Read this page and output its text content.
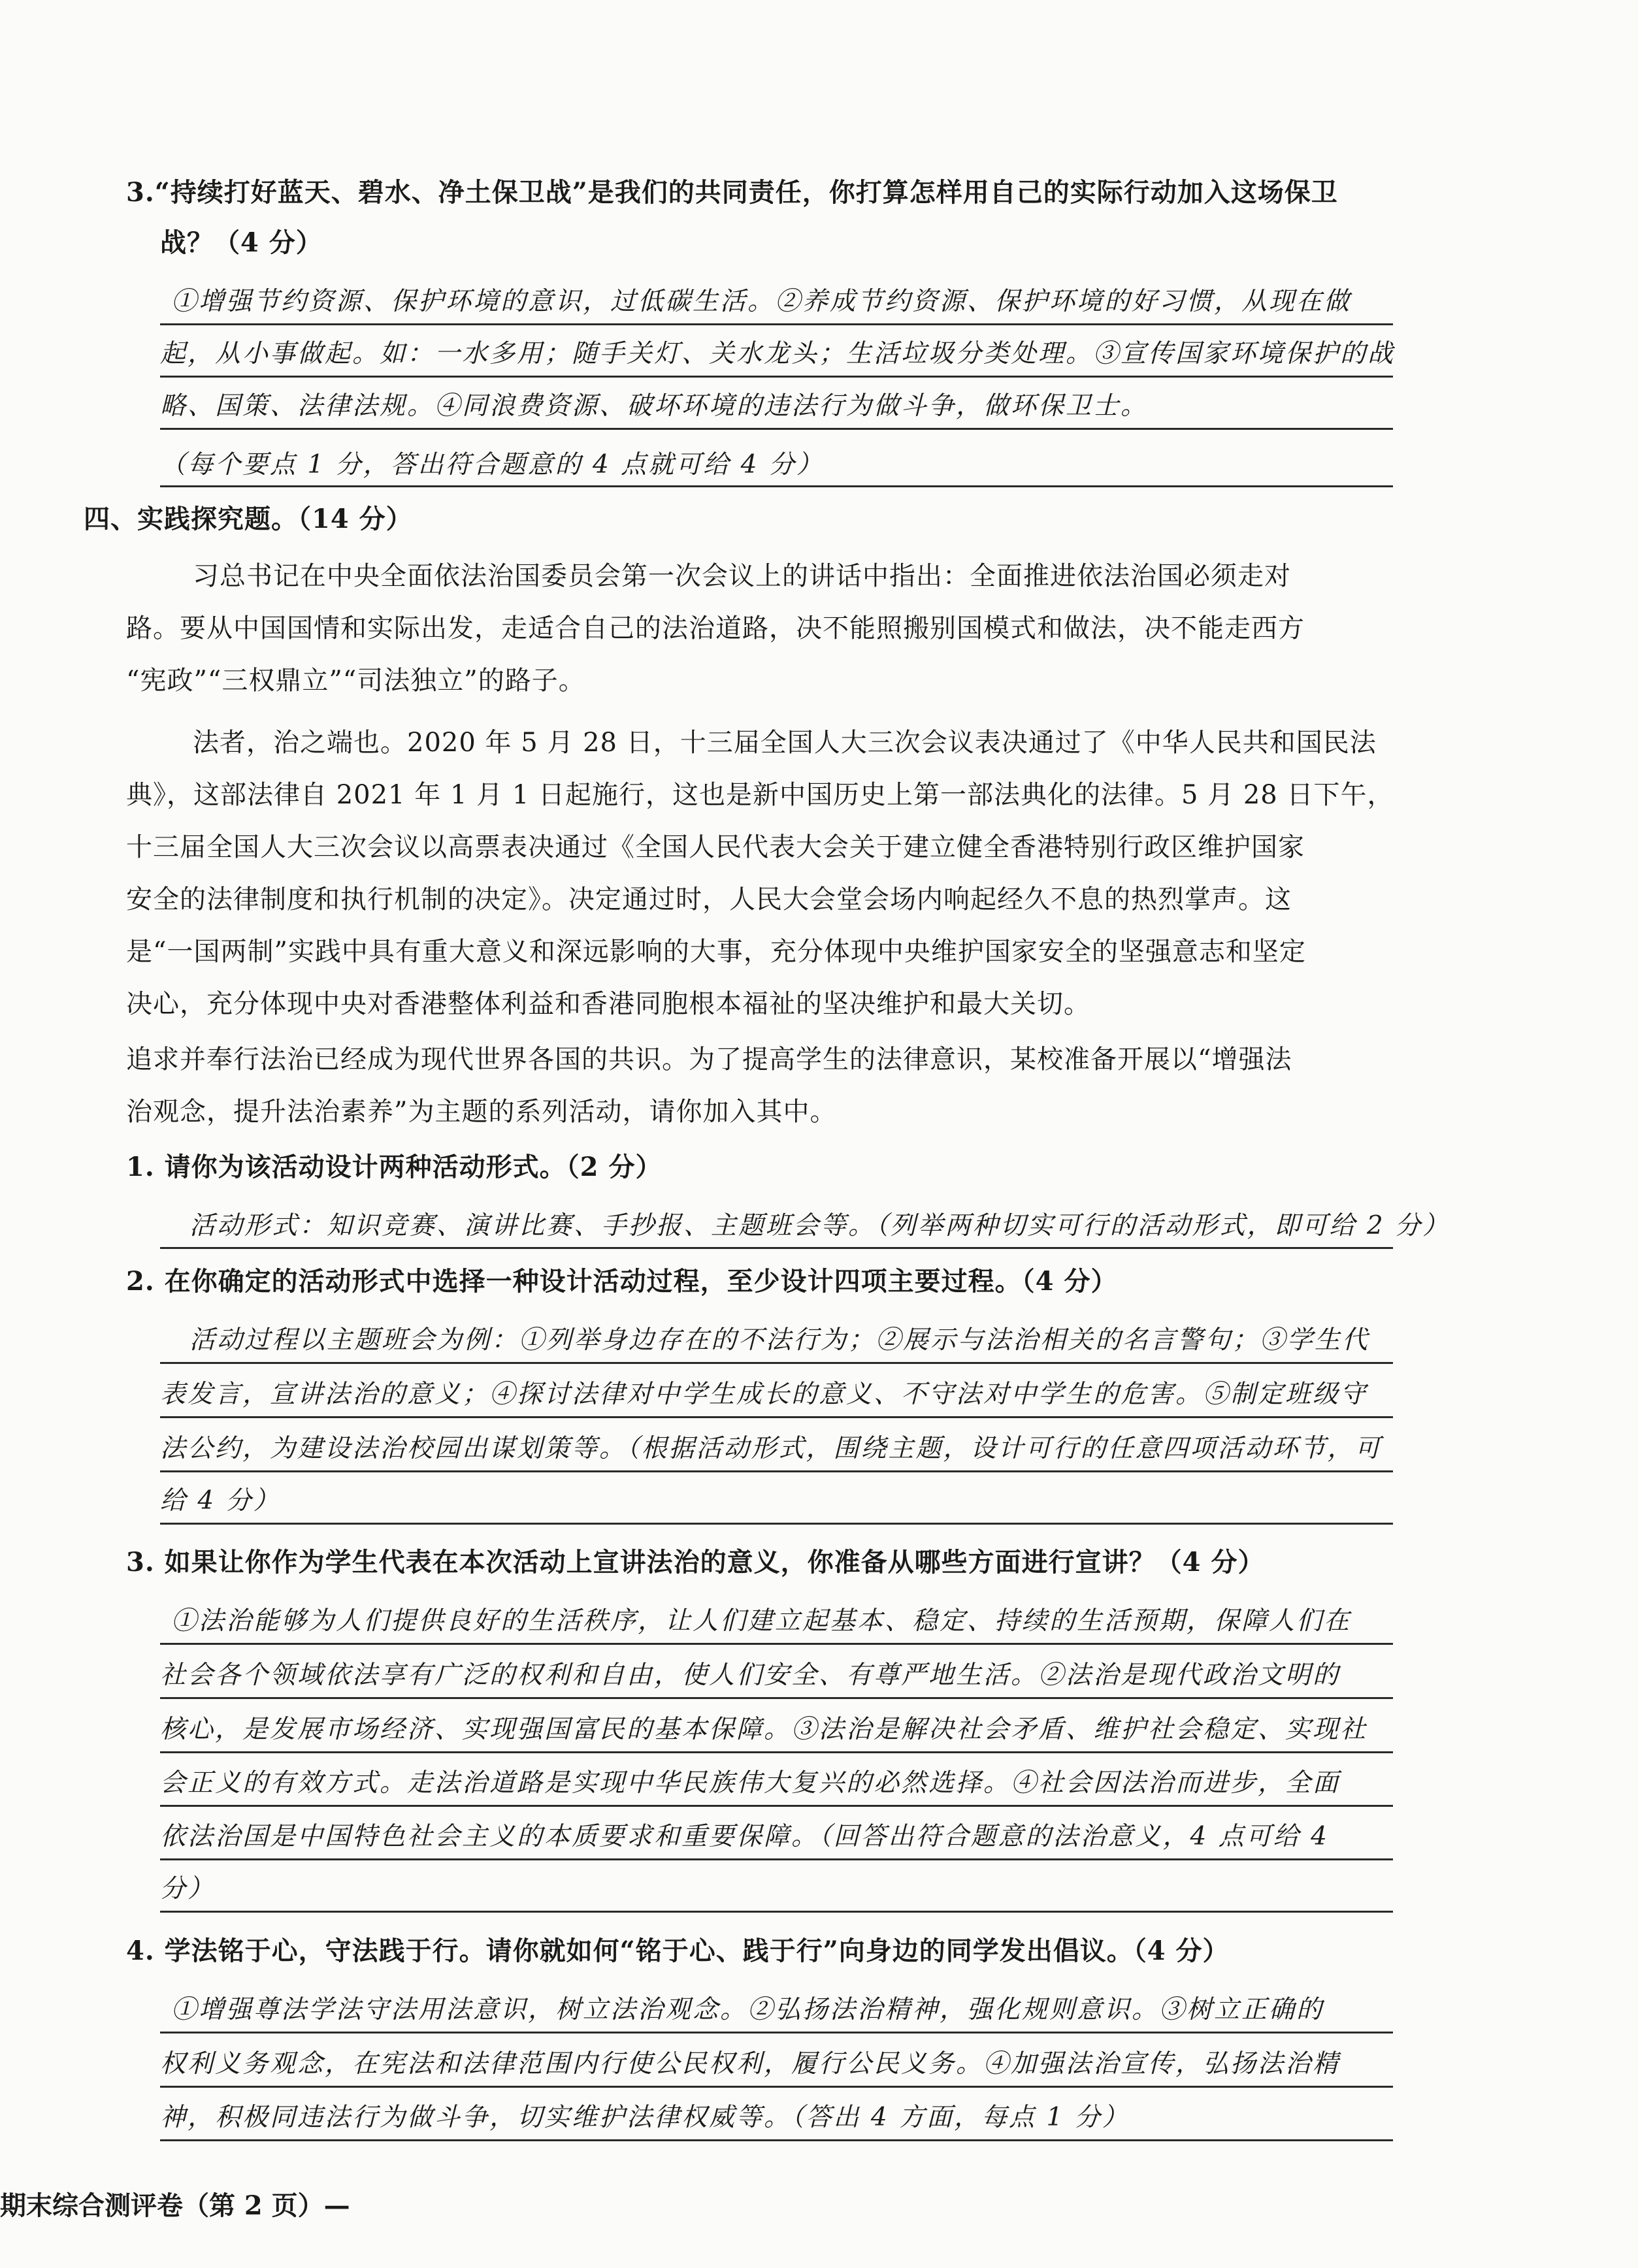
3.“持续打好蓝天、碧水、净土保卫战”是我们的共同责任，你打算怎样用自己的实际行动加入这场保卫
战？（4 分）
①增强节约资源、保护环境的意识，过低碳生活。②养成节约资源、保护环境的好习惯，从现在做
起，从小事做起。如：一水多用；随手关灯、关水龙头；生活垃圾分类处理。③宣传国家环境保护的战
略、国策、法律法规。④同浪费资源、破坏环境的违法行为做斗争，做环保卫士。
（每个要点 1 分，答出符合题意的 4 点就可给 4 分）
四、实践探究题。（14 分）
习总书记在中央全面依法治国委员会第一次会议上的讲话中指出：全面推进依法治国必须走对
路。要从中国国情和实际出发，走适合自己的法治道路，决不能照搬别国模式和做法，决不能走西方
“宪政”“三权鼎立”“司法独立”的路子。
法者，治之端也。2020 年 5 月 28 日，十三届全国人大三次会议表决通过了《中华人民共和国民法
典》，这部法律自 2021 年 1 月 1 日起施行，这也是新中国历史上第一部法典化的法律。5 月 28 日下午，
十三届全国人大三次会议以高票表决通过《全国人民代表大会关于建立健全香港特别行政区维护国家
安全的法律制度和执行机制的决定》。决定通过时，人民大会堂会场内响起经久不息的热烈掌声。这
是“一国两制”实践中具有重大意义和深远影响的大事，充分体现中央维护国家安全的坚强意志和坚定
决心，充分体现中央对香港整体利益和香港同胞根本福祉的坚决维护和最大关切。
追求并奉行法治已经成为现代世界各国的共识。为了提高学生的法律意识，某校准备开展以“增强法
治观念，提升法治素养”为主题的系列活动，请你加入其中。
1. 请你为该活动设计两种活动形式。（2 分）
活动形式：知识竞赛、演讲比赛、手抄报、主题班会等。（列举两种切实可行的活动形式，即可给 2 分）
2. 在你确定的活动形式中选择一种设计活动过程，至少设计四项主要过程。（4 分）
活动过程以主题班会为例：①列举身边存在的不法行为；②展示与法治相关的名言警句；③学生代
表发言，宣讲法治的意义；④探讨法律对中学生成长的意义、不守法对中学生的危害。⑤制定班级守
法公约，为建设法治校园出谋划策等。（根据活动形式，围绕主题，设计可行的任意四项活动环节，可
给 4 分）
3. 如果让你作为学生代表在本次活动上宣讲法治的意义，你准备从哪些方面进行宣讲？（4 分）
①法治能够为人们提供良好的生活秩序，让人们建立起基本、稳定、持续的生活预期，保障人们在
社会各个领域依法享有广泛的权利和自由，使人们安全、有尊严地生活。②法治是现代政治文明的
核心，是发展市场经济、实现强国富民的基本保障。③法治是解决社会矛盾、维护社会稳定、实现社
会正义的有效方式。走法治道路是实现中华民族伟大复兴的必然选择。④社会因法治而进步，全面
依法治国是中国特色社会主义的本质要求和重要保障。（回答出符合题意的法治意义，4 点可给 4
分）
4. 学法铭于心，守法践于行。请你就如何“铭于心、践于行”向身边的同学发出倡议。（4 分）
①增强尊法学法守法用法意识，树立法治观念。②弘扬法治精神，强化规则意识。③树立正确的
权利义务观念，在宪法和法律范围内行使公民权利，履行公民义务。④加强法治宣传，弘扬法治精
神，积极同违法行为做斗争，切实维护法律权威等。（答出 4 方面，每点 1 分）
期末综合测评卷（第 2 页）—
